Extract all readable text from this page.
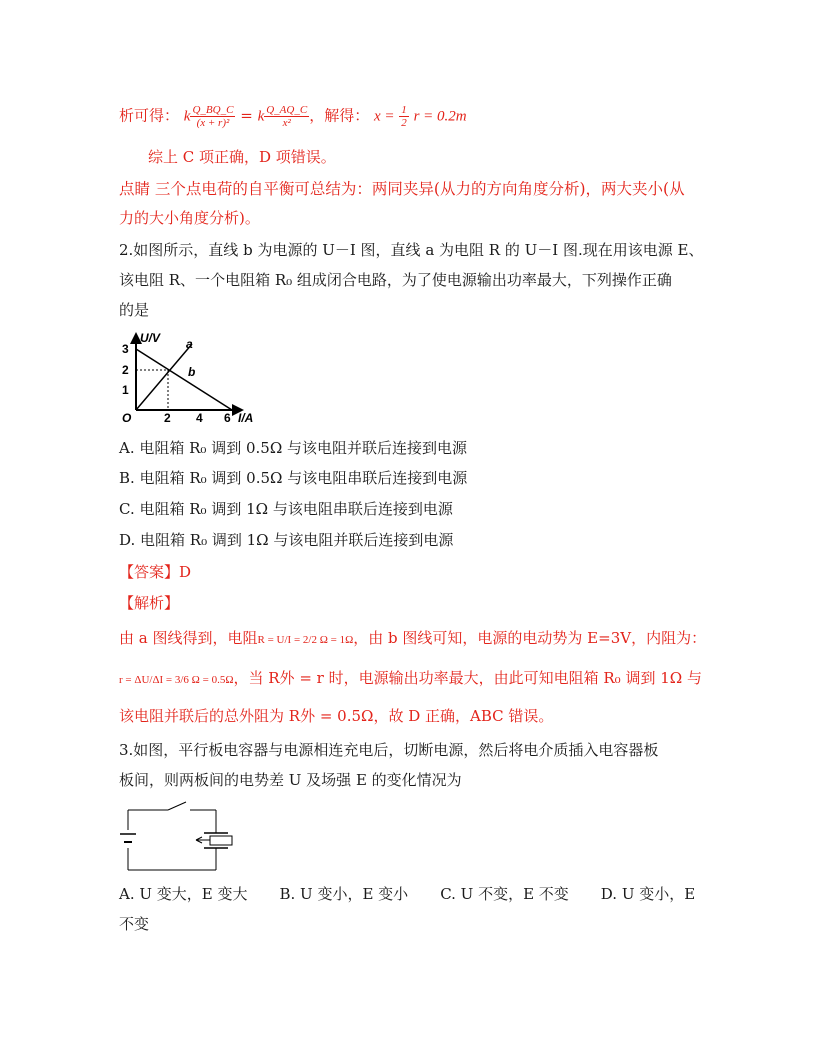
析可得： k $\frac{Q\_BQ\_C}{\text{(x + r)²}} = k \frac{Q\_AQ\_C}{\text{x²}}$ ，解得： $x = \frac{1}{2}$ r = 0.2m
综上 C 项正确，D 项错误。
点睛 三个点电荷的自平衡可总结为：两同夹异(从力的方向角度分析)，两大夹小(从
力的大小角度分析)。
2.如图所示，直线 b 为电源的 U－I 图，直线 a 为电阻 R 的 U－I 图.现在用该电源 E、
该电阻 R、一个电阻箱 R₀ 组成闭合电路，为了使电源输出功率最大，下列操作正确
的是
U/V
I/A
O
3
2
1
2 4 6
a
b
A. 电阻箱 R₀ 调到 0.5Ω 与该电阻并联后连接到电源
B. 电阻箱 R₀ 调到 0.5Ω 与该电阻串联后连接到电源
C. 电阻箱 R₀ 调到 1Ω 与该电阻串联后连接到电源
D. 电阻箱 R₀ 调到 1Ω 与该电阻并联后连接到电源
【答案】D
【解析】
由 a 图线得到，电阻R = U/I = 2/2 Ω = 1Ω，由 b 图线可知，电源的电动势为 E=3V，内阻为：
r = ΔU/ΔI = 3/6 Ω = 0.5Ω，当 R外 = r 时，电源输出功率最大，由此可知电阻箱 R₀ 调到 1Ω 与
该电阻并联后的总外阻为 R外 = 0.5Ω，故 D 正确，ABC 错误。
3.如图，平行板电容器与电源相连充电后，切断电源，然后将电介质插入电容器板
板间，则两板间的电势差 U 及场强 E 的变化情况为
A. U 变大，E 变大 B. U 变小，E 变小 C. U 不变，E 不变 D. U 变小，E
不变
